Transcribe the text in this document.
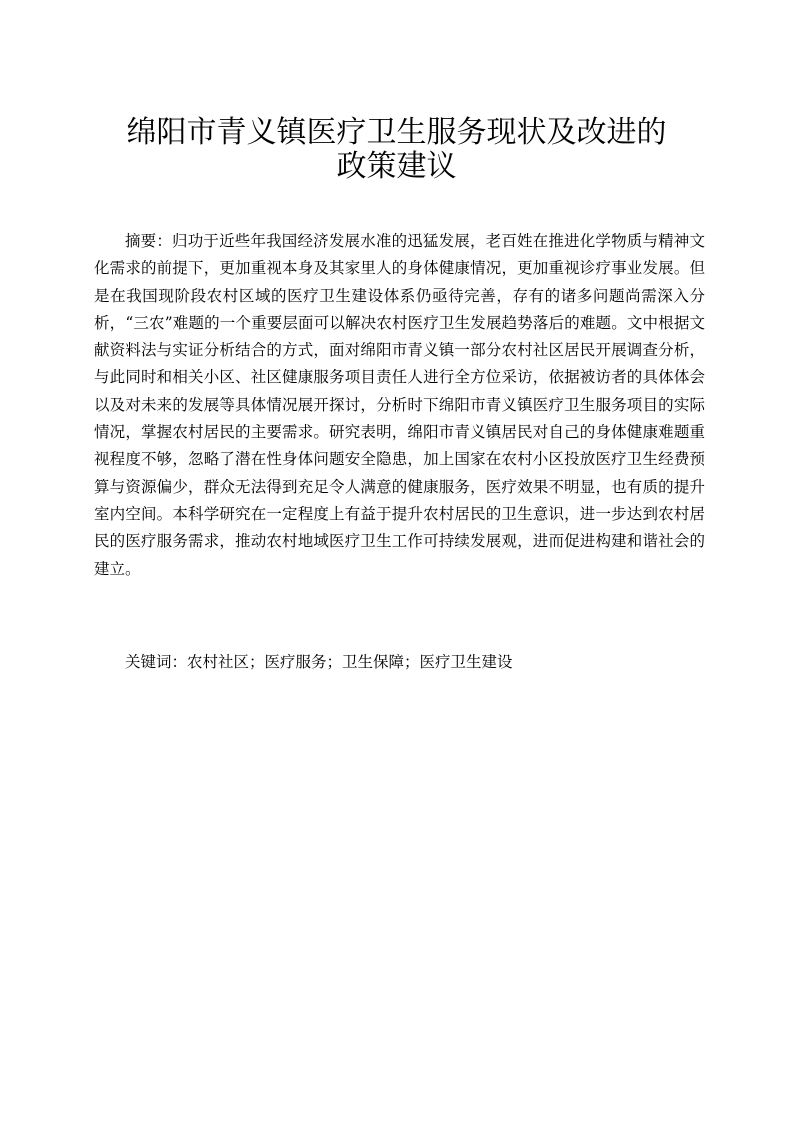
绵阳市青义镇医疗卫生服务现状及改进的
政策建议

摘要：归功于近些年我国经济发展水准的迅猛发展，老百姓在推进化学物质与精神文化需求的前提下，更加重视本身及其家里人的身体健康情况，更加重视诊疗事业发展。但是在我国现阶段农村区域的医疗卫生建设体系仍亟待完善，存有的诸多问题尚需深入分析，“三农”难题的一个重要层面可以解决农村医疗卫生发展趋势落后的难题。文中根据文献资料法与实证分析结合的方式，面对绵阳市青义镇一部分农村社区居民开展调查分析，与此同时和相关小区、社区健康服务项目责任人进行全方位采访，依据被访者的具体体会以及对未来的发展等具体情况展开探讨，分析时下绵阳市青义镇医疗卫生服务项目的实际情况，掌握农村居民的主要需求。研究表明，绵阳市青义镇居民对自己的身体健康难题重视程度不够，忽略了潜在性身体问题安全隐患，加上国家在农村小区投放医疗卫生经费预算与资源偏少，群众无法得到充足令人满意的健康服务，医疗效果不明显，也有质的提升室内空间。本科学研究在一定程度上有益于提升农村居民的卫生意识，进一步达到农村居民的医疗服务需求，推动农村地域医疗卫生工作可持续发展观，进而促进构建和谐社会的建立。

关键词：农村社区；医疗服务；卫生保障；医疗卫生建设
